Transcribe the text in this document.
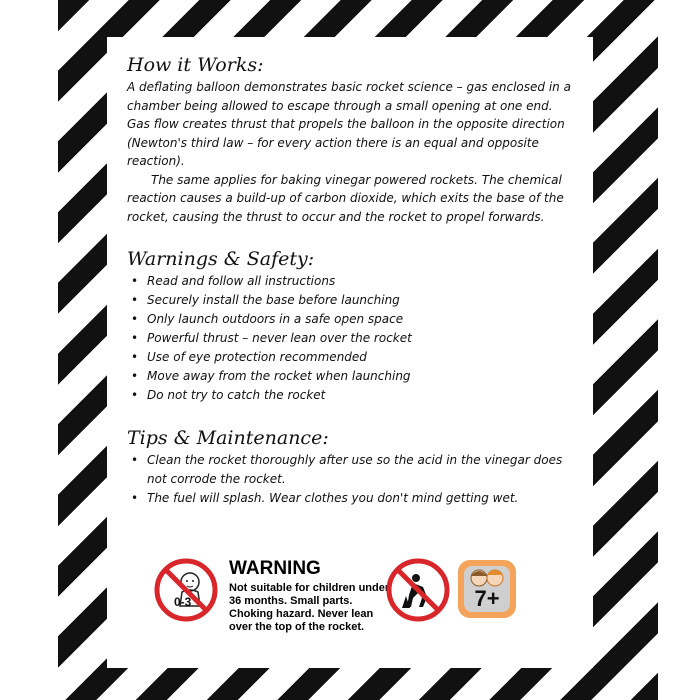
How it Works:

A deflating balloon demonstrates basic rocket science – gas enclosed in a chamber being allowed to escape through a small opening at one end. Gas flow creates thrust that propels the balloon in the opposite direction (Newton's third law – for every action there is an equal and opposite reaction).

The same applies for baking vinegar powered rockets. The chemical reaction causes a build-up of carbon dioxide, which exits the base of the rocket, causing the thrust to occur and the rocket to propel forwards.

Warnings & Safety:
• Read and follow all instructions
• Securely install the base before launching
• Only launch outdoors in a safe open space
• Powerful thrust – never lean over the rocket
• Use of eye protection recommended
• Move away from the rocket when launching
• Do not try to catch the rocket
Tips & Maintenance:
• Clean the rocket thoroughly after use so the acid in the vinegar does not corrode the rocket.
• The fuel will splash. Wear clothes you don't mind getting wet.
0-3
WARNING
Not suitable for children under 36 months. Small parts. Choking hazard. Never lean over the top of the rocket.
7+
